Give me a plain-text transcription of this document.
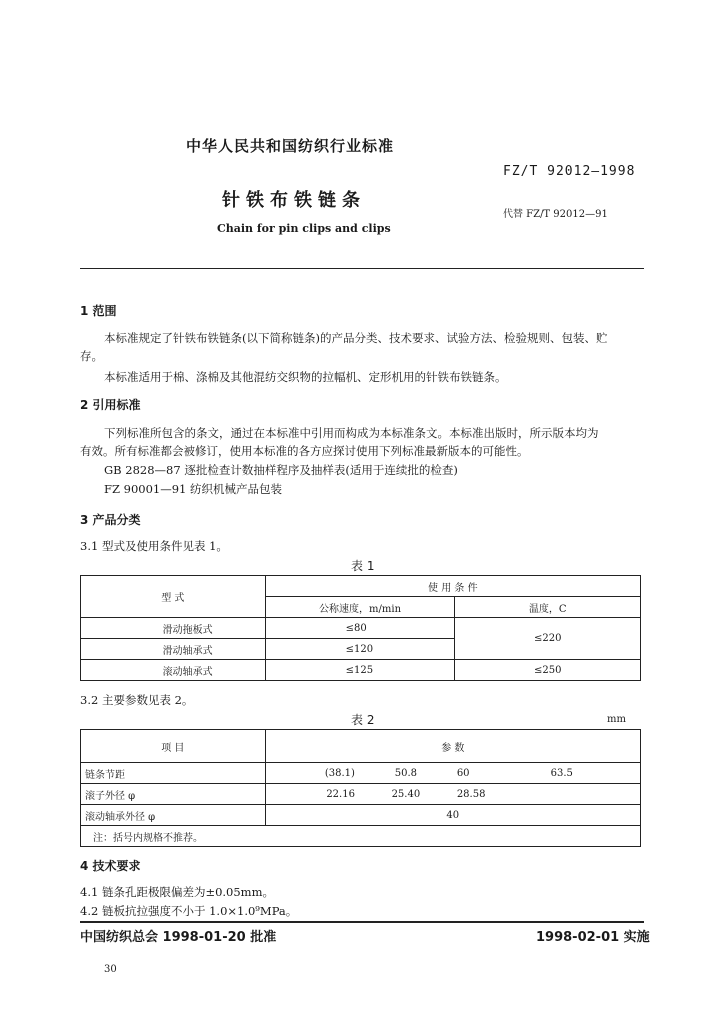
中华人民共和国纺织行业标准
FZ/T 92012—1998
针铁布铁链条
代替 FZ/T 92012—91
Chain for pin clips and clips
1 范围
本标准规定了针铁布铁链条(以下简称链条)的产品分类、技术要求、试验方法、检验规则、包装、贮
存。
本标准适用于棉、涤棉及其他混纺交织物的拉幅机、定形机用的针铁布铁链条。
2 引用标准
下列标准所包含的条文，通过在本标准中引用而构成为本标准条文。本标准出版时，所示版本均为
有效。所有标准都会被修订，使用本标准的各方应探讨使用下列标准最新版本的可能性。
GB 2828—87 逐批检查计数抽样程序及抽样表(适用于连续批的检查)
FZ 90001—91 纺织机械产品包装
3 产品分类
3.1 型式及使用条件见表 1。
表 1
型 式	使 用 条 件	
	公称速度，m/min	温度，C
滑动拖板式	≤80	≤220
滑动轴承式	≤120	
滚动轴承式	≤125	≤250
3.2 主要参数见表 2。
表 2	mm
项 目	参 数			
链条节距	(38.1)	50.8	60	63.5
滚子外径 φ	22.16	25.40	28.58	
滚动轴承外径 φ	40			
注：括号内规格不推荐。				
4 技术要求
4.1 链条孔距极限偏差为±0.05mm。
4.2 链板抗拉强度不小于 1.0×1.0⁹MPa。
中国纺织总会 1998-01-20 批准	1998-02-01 实施
30
